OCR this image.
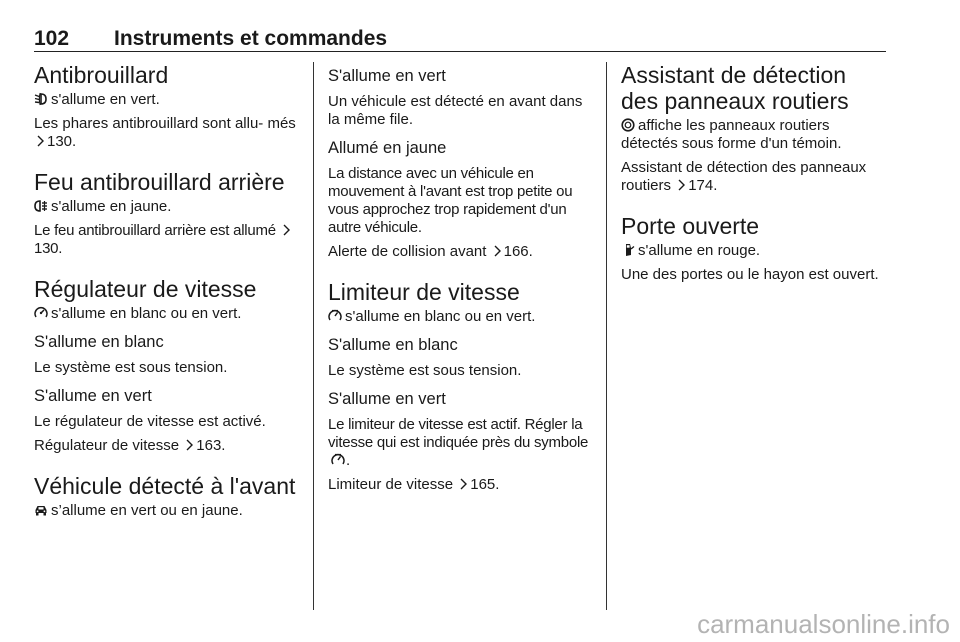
102 Instruments et commandes
Antibrouillard

s'allume en vert.

Les phares antibrouillard sont allu‑ més 130.

Feu antibrouillard arrière

s'allume en jaune.

Le feu antibrouillard arrière est allumé 130.

Régulateur de vitesse

s'allume en blanc ou en vert.

S'allume en blanc

Le système est sous tension.

S'allume en vert

Le régulateur de vitesse est activé.

Régulateur de vitesse 163.

Véhicule détecté à l'avant

s’allume en vert ou en jaune.

S'allume en vert

Un véhicule est détecté en avant dans la même file.

Allumé en jaune

La distance avec un véhicule en mouvement à l'avant est trop petite ou vous approchez trop rapidement d'un autre véhicule.

Alerte de collision avant 166.

Limiteur de vitesse

s'allume en blanc ou en vert.

S'allume en blanc

Le système est sous tension.

S'allume en vert

Le limiteur de vitesse est actif. Régler la vitesse qui est indiquée près du symbole .

Limiteur de vitesse 165.

Assistant de détection des panneaux routiers

affiche les panneaux routiers détectés sous forme d'un témoin.

Assistant de détection des panneaux routiers 174.

Porte ouverte

s'allume en rouge.

Une des portes ou le hayon est ouvert.

carmanualsonline.info
